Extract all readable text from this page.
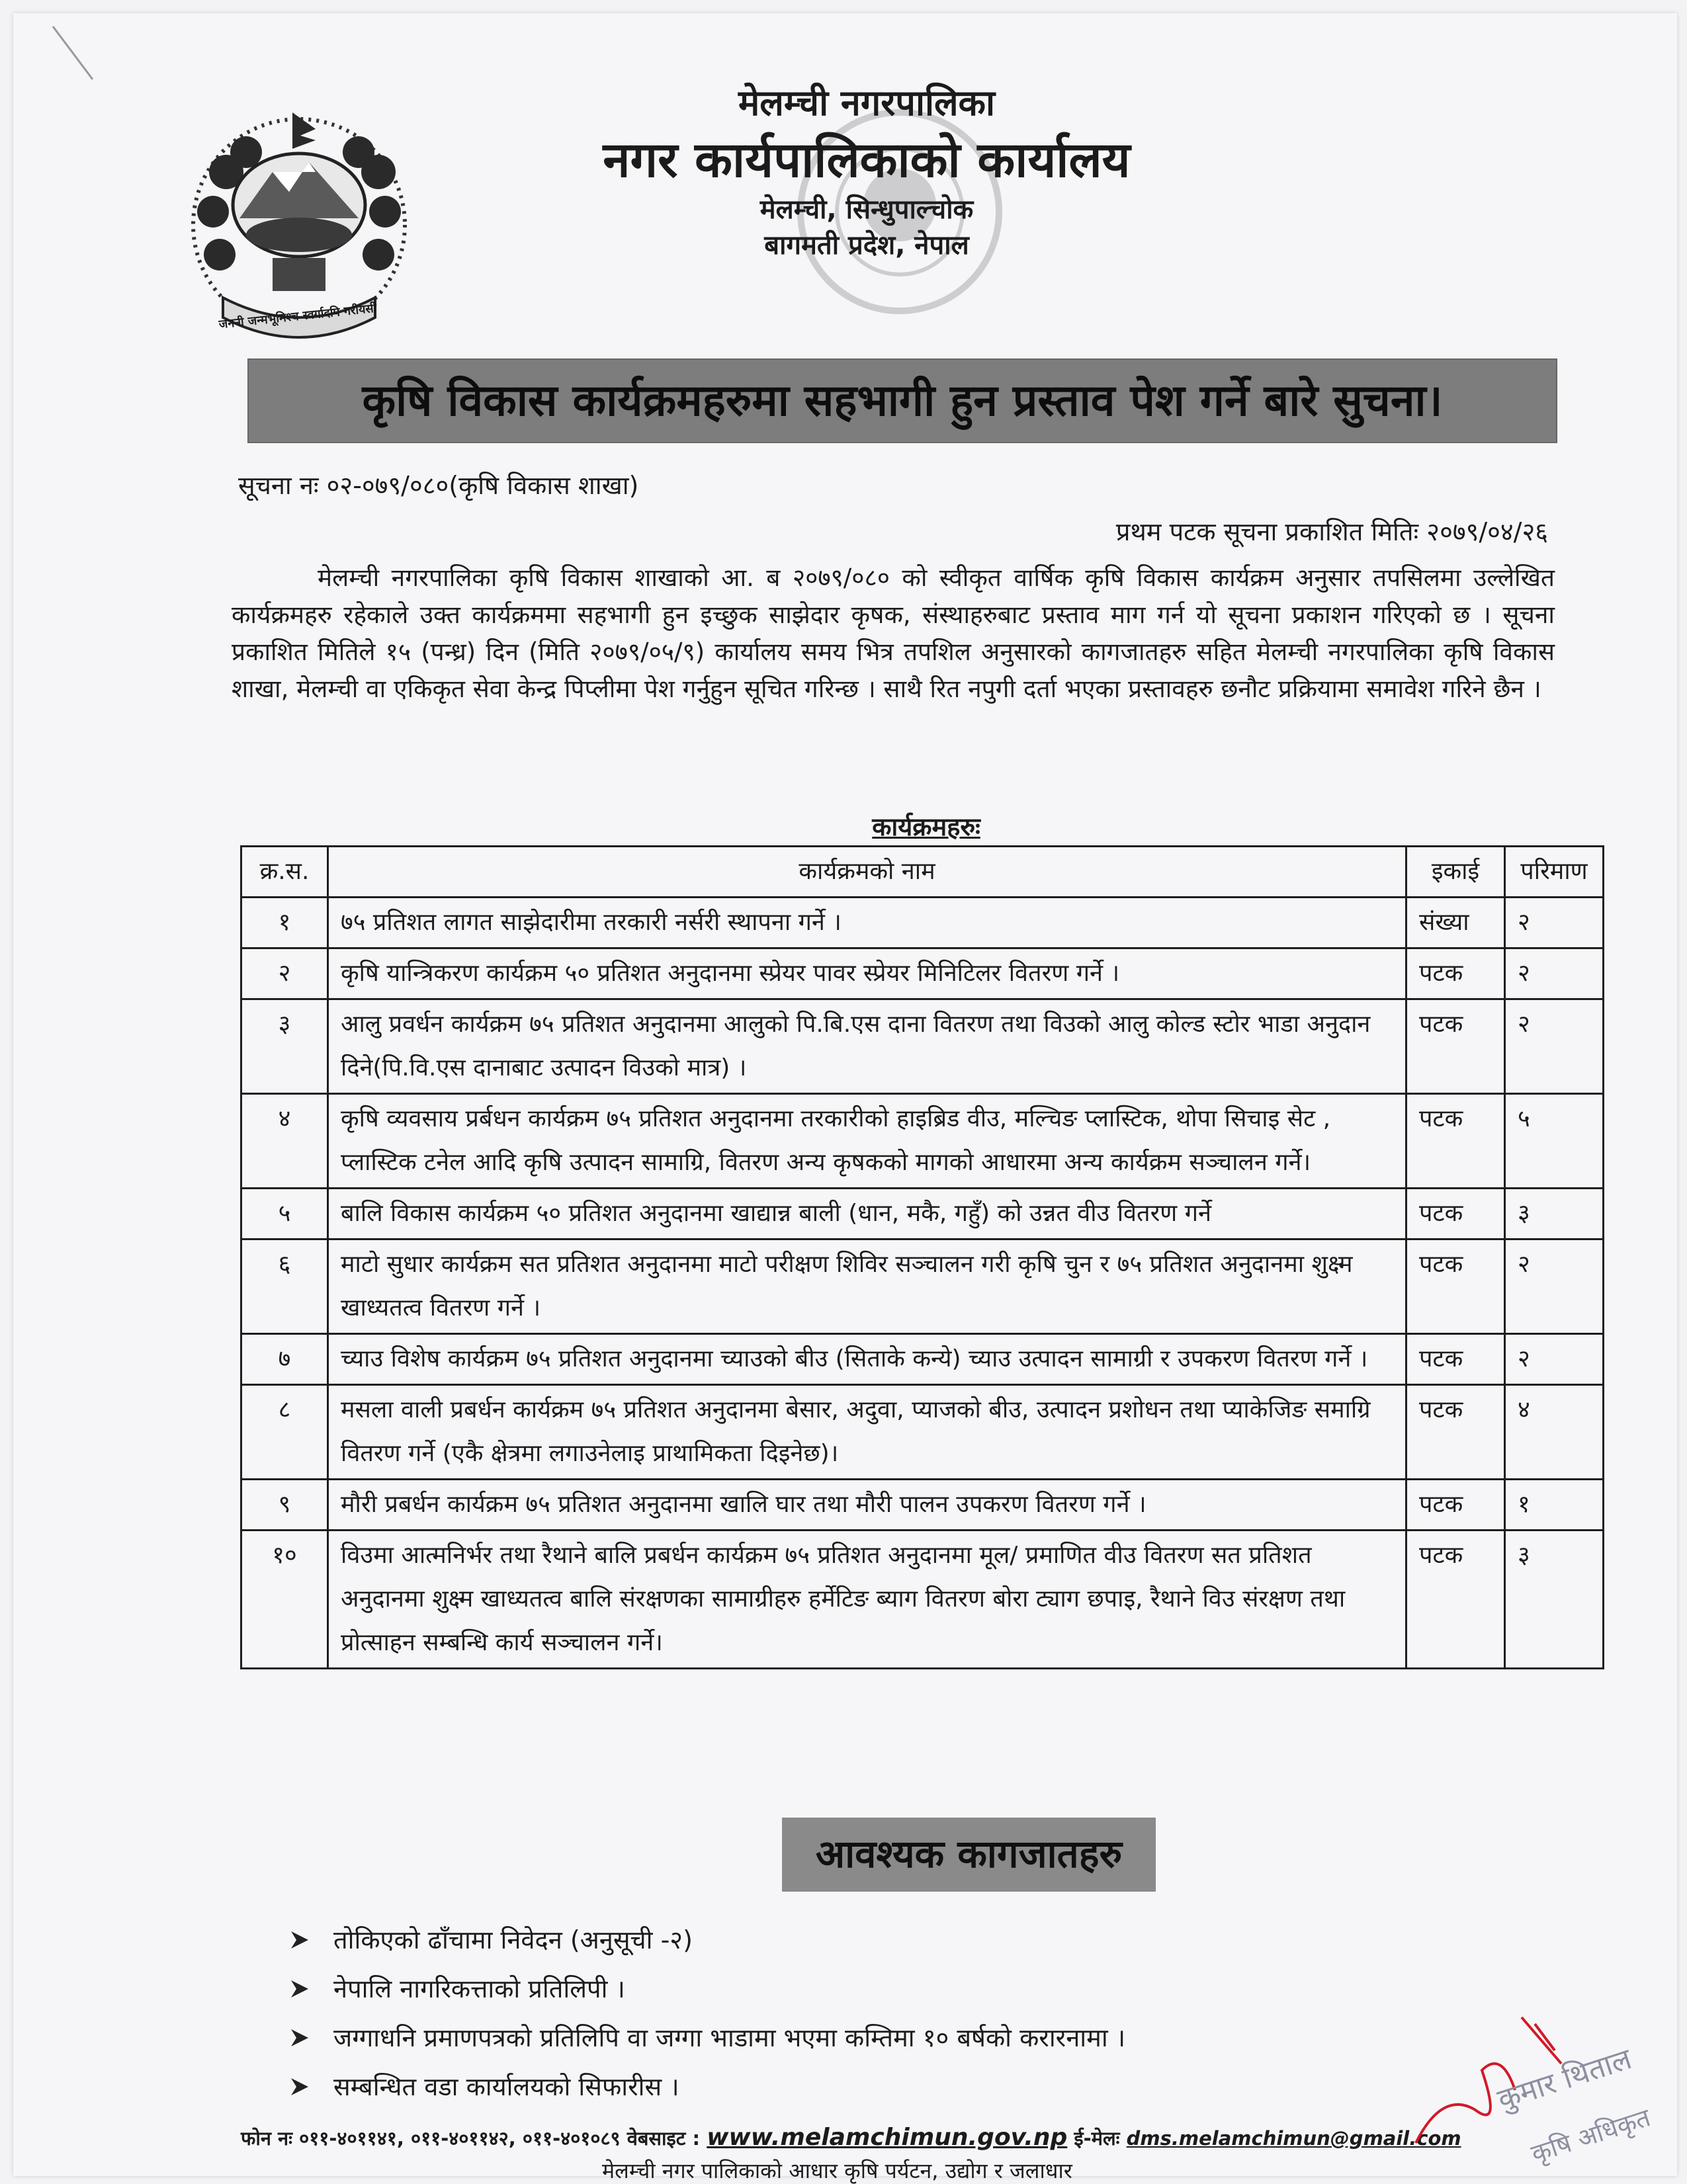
जननी जन्मभूमिश्च स्वर्गादपि गरीयसी
मेलम्ची नगरपालिका
नगर कार्यपालिकाको कार्यालय
मेलम्ची, सिन्धुपाल्चोक
बागमती प्रदेश, नेपाल
कृषि विकास कार्यक्रमहरुमा सहभागी हुन प्रस्ताव पेश गर्ने बारे सुचना।
सूचना नः ०२-०७९/०८०(कृषि विकास शाखा)
प्रथम पटक सूचना प्रकाशित मितिः २०७९/०४/२६
मेलम्ची नगरपालिका कृषि विकास शाखाको आ. ब २०७९/०८० को स्वीकृत वार्षिक कृषि विकास कार्यक्रम अनुसार तपसिलमा उल्लेखित कार्यक्रमहरु रहेकाले उक्त कार्यक्रममा सहभागी हुन इच्छुक साझेदार कृषक, संस्थाहरुबाट प्रस्ताव माग गर्न यो सूचना प्रकाशन गरिएको छ । सूचना प्रकाशित मितिले १५ (पन्ध्र) दिन (मिति २०७९/०५/९) कार्यालय समय भित्र तपशिल अनुसारको कागजातहरु सहित मेलम्ची नगरपालिका कृषि विकास शाखा, मेलम्ची वा एकिकृत सेवा केन्द्र पिप्लीमा पेश गर्नुहुन सूचित गरिन्छ । साथै रित नपुगी दर्ता भएका प्रस्तावहरु छनौट प्रक्रियामा समावेश गरिने छैन ।
कार्यक्रमहरुः
क्र.स.	कार्यक्रमको नाम	इकाई	परिमाण
१	७५ प्रतिशत लागत साझेदारीमा तरकारी नर्सरी स्थापना गर्ने ।	संख्या	२
२	कृषि यान्त्रिकरण कार्यक्रम ५० प्रतिशत अनुदानमा स्प्रेयर पावर स्प्रेयर मिनिटिलर वितरण गर्ने ।	पटक	२
३	आलु प्रवर्धन कार्यक्रम ७५ प्रतिशत अनुदानमा आलुको पि.बि.एस दाना वितरण तथा विउको आलु कोल्ड स्टोर भाडा अनुदान दिने(पि.वि.एस दानाबाट उत्पादन विउको मात्र) ।	पटक	२
४	कृषि व्यवसाय प्रर्बधन कार्यक्रम ७५ प्रतिशत अनुदानमा तरकारीको हाइब्रिड वीउ, मल्चिङ प्लास्टिक, थोपा सिचाइ सेट , प्लास्टिक टनेल आदि कृषि उत्पादन सामाग्रि, वितरण अन्य कृषकको मागको आधारमा अन्य कार्यक्रम सञ्चालन गर्ने।	पटक	५
५	बालि विकास कार्यक्रम ५० प्रतिशत अनुदानमा खाद्यान्न बाली (धान, मकै, गहुँ) को उन्नत वीउ वितरण गर्ने	पटक	३
६	माटो सुधार कार्यक्रम सत प्रतिशत अनुदानमा माटो परीक्षण शिविर सञ्चालन गरी कृषि चुन र ७५ प्रतिशत अनुदानमा शुक्ष्म खाध्यतत्व वितरण गर्ने ।	पटक	२
७	च्याउ विशेष कार्यक्रम ७५ प्रतिशत अनुदानमा च्याउको बीउ (सिताके कन्ये) च्याउ उत्पादन सामाग्री र उपकरण वितरण गर्ने ।	पटक	२
८	मसला वाली प्रबर्धन कार्यक्रम ७५ प्रतिशत अनुदानमा बेसार, अदुवा, प्याजको बीउ, उत्पादन प्रशोधन तथा प्याकेजिङ समाग्रि वितरण गर्ने (एकै क्षेत्रमा लगाउनेलाइ प्राथामिकता दिइनेछ)।	पटक	४
९	मौरी प्रबर्धन कार्यक्रम ७५ प्रतिशत अनुदानमा खालि घार तथा मौरी पालन उपकरण वितरण गर्ने ।	पटक	१
१०	विउमा आत्मनिर्भर तथा रैथाने बालि प्रबर्धन कार्यक्रम ७५ प्रतिशत अनुदानमा मूल/ प्रमाणित वीउ वितरण सत प्रतिशत अनुदानमा शुक्ष्म खाध्यतत्व बालि संरक्षणका सामाग्रीहरु हर्मेटिङ ब्याग वितरण बोरा ट्याग छपाइ, रैथाने विउ संरक्षण तथा प्रोत्साहन सम्बन्धि कार्य सञ्चालन गर्ने।	पटक	३
आवश्यक कागजातहरु
तोकिएको ढाँचामा निवेदन (अनुसूची -२)
नेपालि नागरिकत्ताको प्रतिलिपी ।
जग्गाधनि प्रमाणपत्रको प्रतिलिपि वा जग्गा भाडामा भएमा कम्तिमा १० बर्षको करारनामा ।
सम्बन्धित वडा कार्यालयको सिफारीस ।
फोन नः ०११-४०११४१, ०११-४०११४२, ०११-४०१०८९ वेबसाइट : www.melamchimun.gov.np ई-मेलः dms.melamchimun@gmail.com
मेलम्ची नगर पालिकाको आधार कृषि पर्यटन, उद्योग र जलाधार
कुमार थिताल
कृषि अधिकृत
